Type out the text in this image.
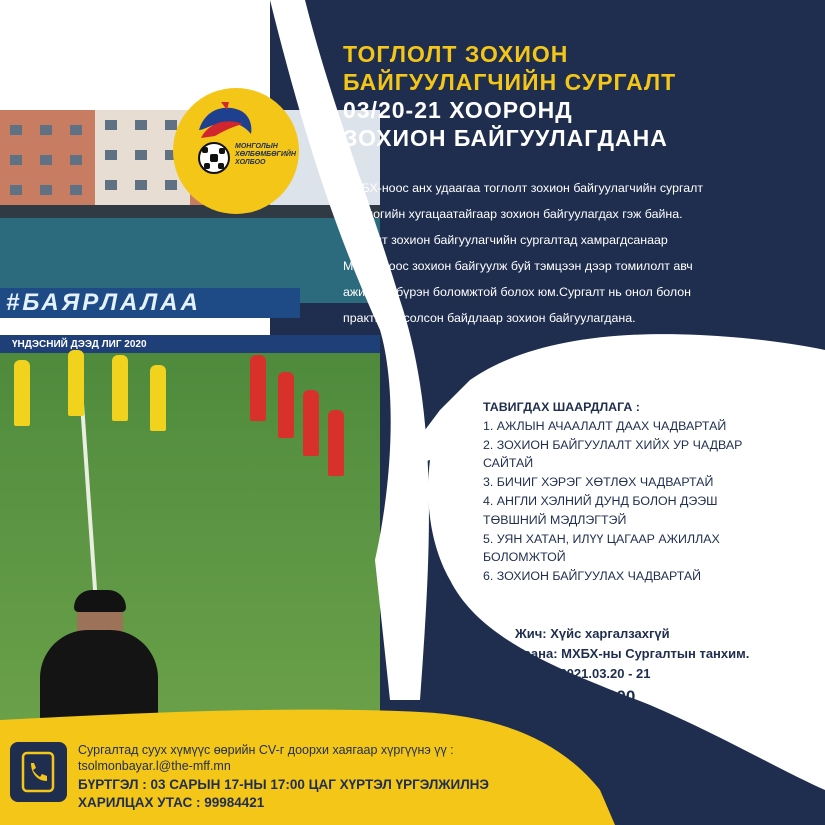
#БАЯРЛАЛАА
ҮНДЭСНИЙ ДЭЭД ЛИГ 2020
МОНГОЛЫН
ХӨЛБӨМБӨГИЙН
ХОЛБОО
ТОГЛОЛТ ЗОХИОН
БАЙГУУЛАГЧИЙН СУРГАЛТ
03/20-21 ХООРОНД
ЗОХИОН БАЙГУУЛАГДАНА
МХБХ-ноос анх удаагаа тоглолт зохион байгуулагчийн сургалт
2 хоногийн хугацаатайгаар зохион байгуулагдах гэж байна.
Тоглолт зохион байгуулагчийн сургалтад хамрагдсанаар
МХБХ-ноос зохион байгуулж буй тэмцээн дээр томилолт авч
ажиллах бүрэн боломжтой болох юм.Сургалт нь онол болон
практик хосолсон байдлаар зохион байгуулагдана.
ТАВИГДАХ ШААРДЛАГА :
1. АЖЛЫН АЧААЛАЛТ ДААХ ЧАДВАРТАЙ
2. ЗОХИОН БАЙГУУЛАЛТ ХИЙХ УР ЧАДВАР
САЙТАЙ
3. БИЧИГ ХЭРЭГ ХӨТЛӨХ ЧАДВАРТАЙ
4. АНГЛИ ХЭЛНИЙ ДУНД БОЛОН ДЭЭШ
ТӨВШНИЙ МЭДЛЭГТЭЙ
5. УЯН ХАТАН, ИЛҮҮ ЦАГААР АЖИЛЛАХ
БОЛОМЖТОЙ
6. ЗОХИОН БАЙГУУЛАХ ЧАДВАРТАЙ
Жич: Хүйс харгалзахгүй
Хаана: МХБХ-ны Сургалтын танхим.
Хэзээ: 2021.03.20 - 21
Төлбөр:20.000
Сургалтад суух хүмүүс өөрийн CV-г доорхи хаягаар хүргүүнэ үү :
tsolmonbayar.l@the-mff.mn
БҮРТГЭЛ : 03 САРЫН 17-НЫ 17:00 ЦАГ ХҮРТЭЛ ҮРГЭЛЖИЛНЭ
ХАРИЛЦАХ УТАС : 99984421
